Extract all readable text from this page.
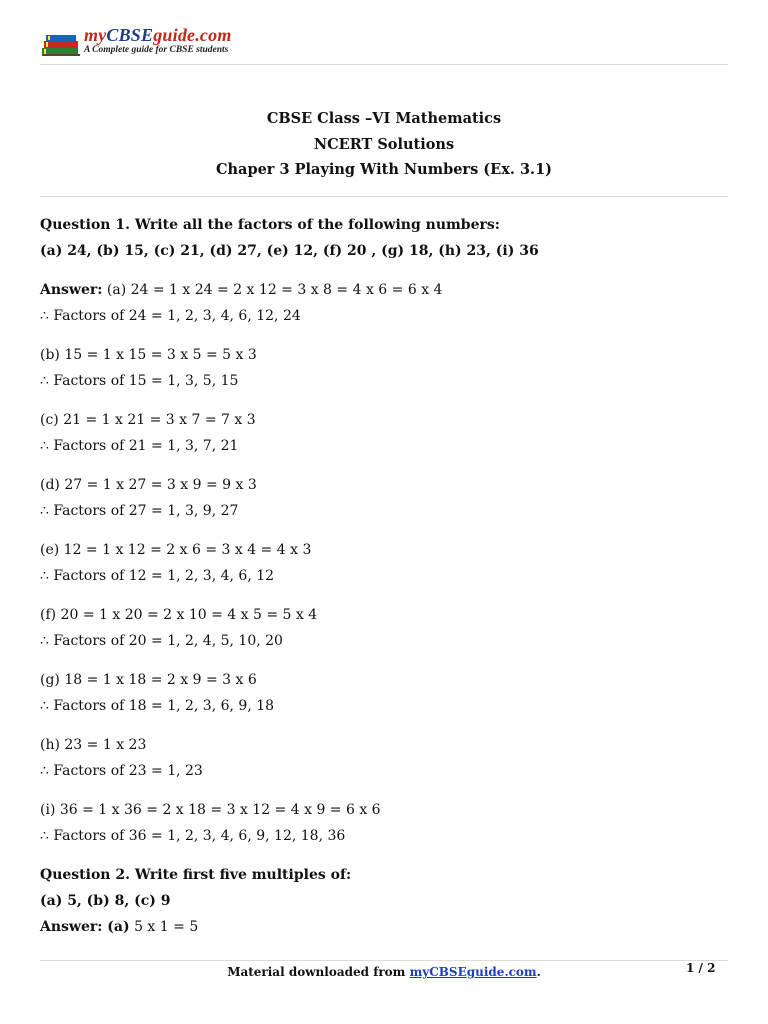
myCBSEguide.com
A Complete guide for CBSE students
CBSE Class –VI Mathematics
NCERT Solutions
Chaper 3 Playing With Numbers (Ex. 3.1)
Question 1. Write all the factors of the following numbers:
(a) 24, (b) 15, (c) 21, (d) 27, (e) 12, (f) 20 , (g) 18, (h) 23, (i) 36
Answer: (a) 24 = 1 x 24 = 2 x 12 = 3 x 8 = 4 x 6 = 6 x 4
∴ Factors of 24 = 1, 2, 3, 4, 6, 12, 24
(b) 15 = 1 x 15 = 3 x 5 = 5 x 3
∴ Factors of 15 = 1, 3, 5, 15
(c) 21 = 1 x 21 = 3 x 7 = 7 x 3
∴ Factors of 21 = 1, 3, 7, 21
(d) 27 = 1 x 27 = 3 x 9 = 9 x 3
∴ Factors of 27 = 1, 3, 9, 27
(e) 12 = 1 x 12 = 2 x 6 = 3 x 4 = 4 x 3
∴ Factors of 12 = 1, 2, 3, 4, 6, 12
(f) 20 = 1 x 20 = 2 x 10 = 4 x 5 = 5 x 4
∴ Factors of 20 = 1, 2, 4, 5, 10, 20
(g) 18 = 1 x 18 = 2 x 9 = 3 x 6
∴ Factors of 18 = 1, 2, 3, 6, 9, 18
(h) 23 = 1 x 23
∴ Factors of 23 = 1, 23
(i) 36 = 1 x 36 = 2 x 18 = 3 x 12 = 4 x 9 = 6 x 6
∴ Factors of 36 = 1, 2, 3, 4, 6, 9, 12, 18, 36
Question 2. Write first five multiples of:
(a) 5, (b) 8, (c) 9
Answer: (a) 5 x 1 = 5
Material downloaded from myCBSEguide.com.	1 / 2
